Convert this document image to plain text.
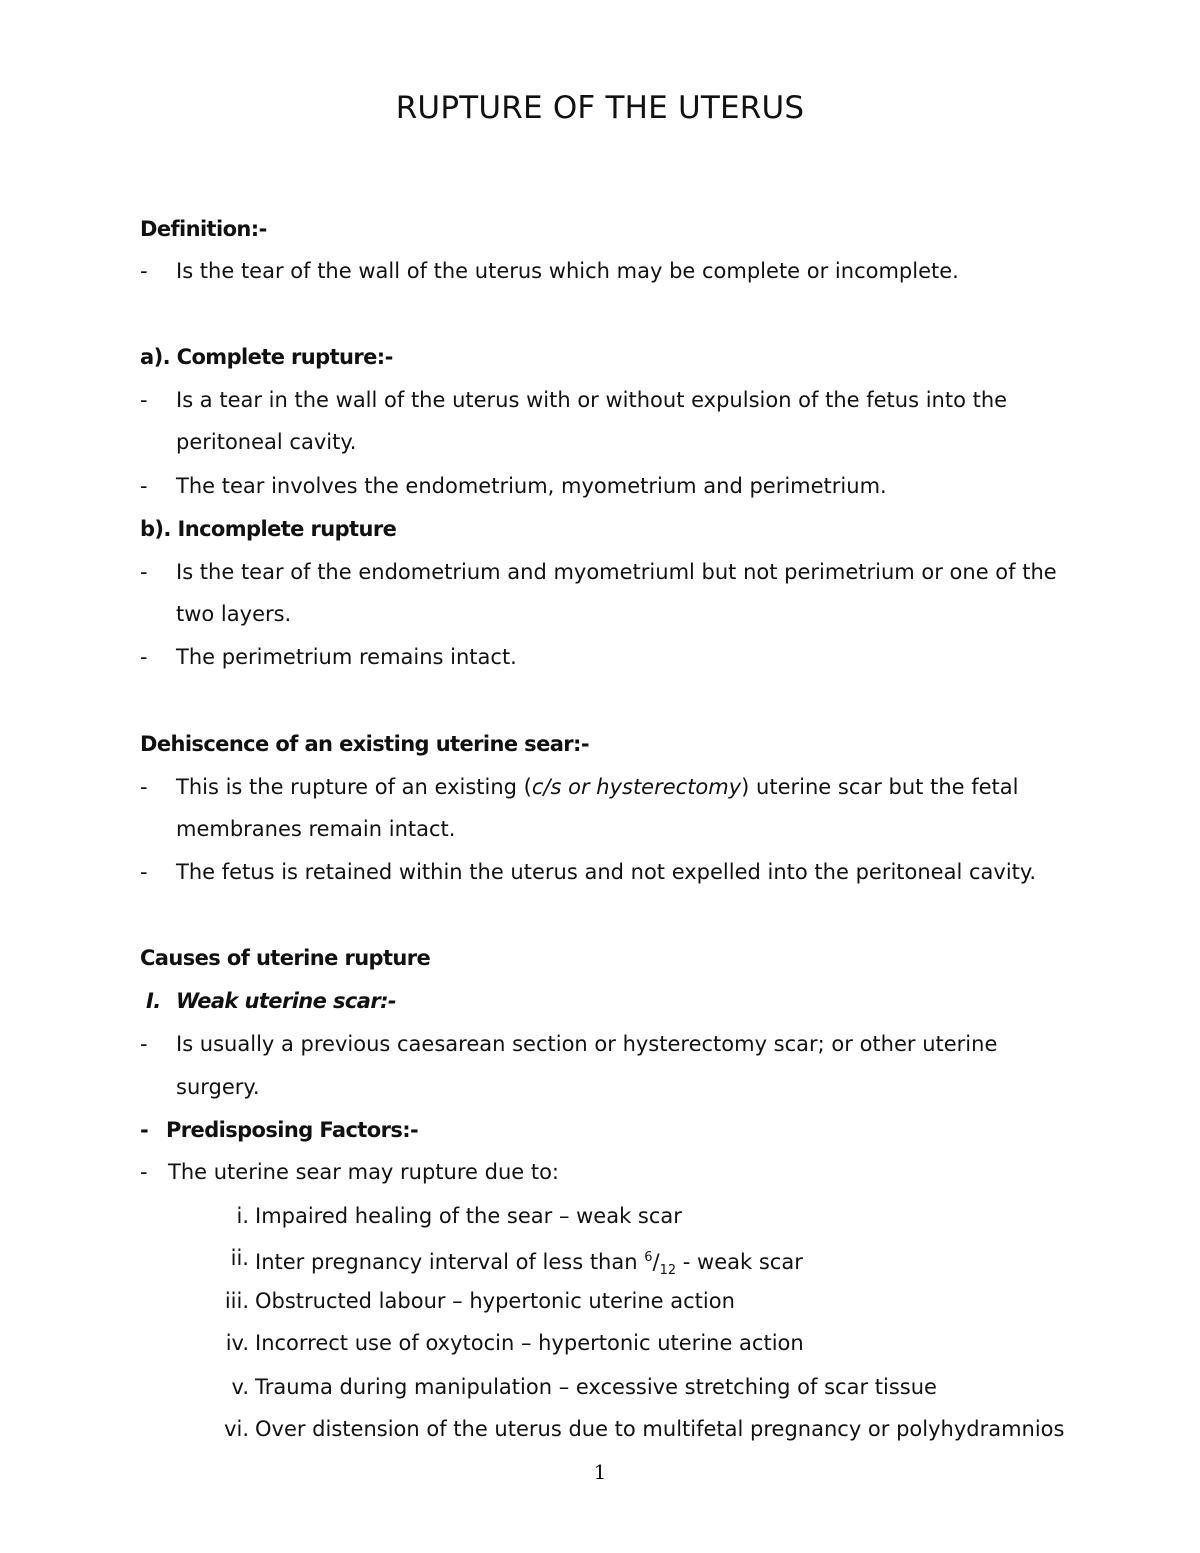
RUPTURE OF THE UTERUS

Definition:-

- Is the tear of the wall of the uterus which may be complete or incomplete.

a). Complete rupture:-

- Is a tear in the wall of the uterus with or without expulsion of the fetus into the

peritoneal cavity.

- The tear involves the endometrium, myometrium and perimetrium.

b). Incomplete rupture

- Is the tear of the endometrium and myometriuml but not perimetrium or one of the

two layers.

- The perimetrium remains intact.

Dehiscence of an existing uterine sear:-

- This is the rupture of an existing (c/s or hysterectomy) uterine scar but the fetal

membranes remain intact.

- The fetus is retained within the uterus and not expelled into the peritoneal cavity.

Causes of uterine rupture

I. Weak uterine scar:-

- Is usually a previous caesarean section or hysterectomy scar; or other uterine

surgery.

- Predisposing Factors:-

- The uterine sear may rupture due to:

i. Impaired healing of the sear – weak scar
ii. Inter pregnancy interval of less than $^6/_{12}$ - weak scar
iii. Obstructed labour – hypertonic uterine action
iv. Incorrect use of oxytocin – hypertonic uterine action
v. Trauma during manipulation – excessive stretching of scar tissue
vi. Over distension of the uterus due to multifetal pregnancy or polyhydramnios
1
